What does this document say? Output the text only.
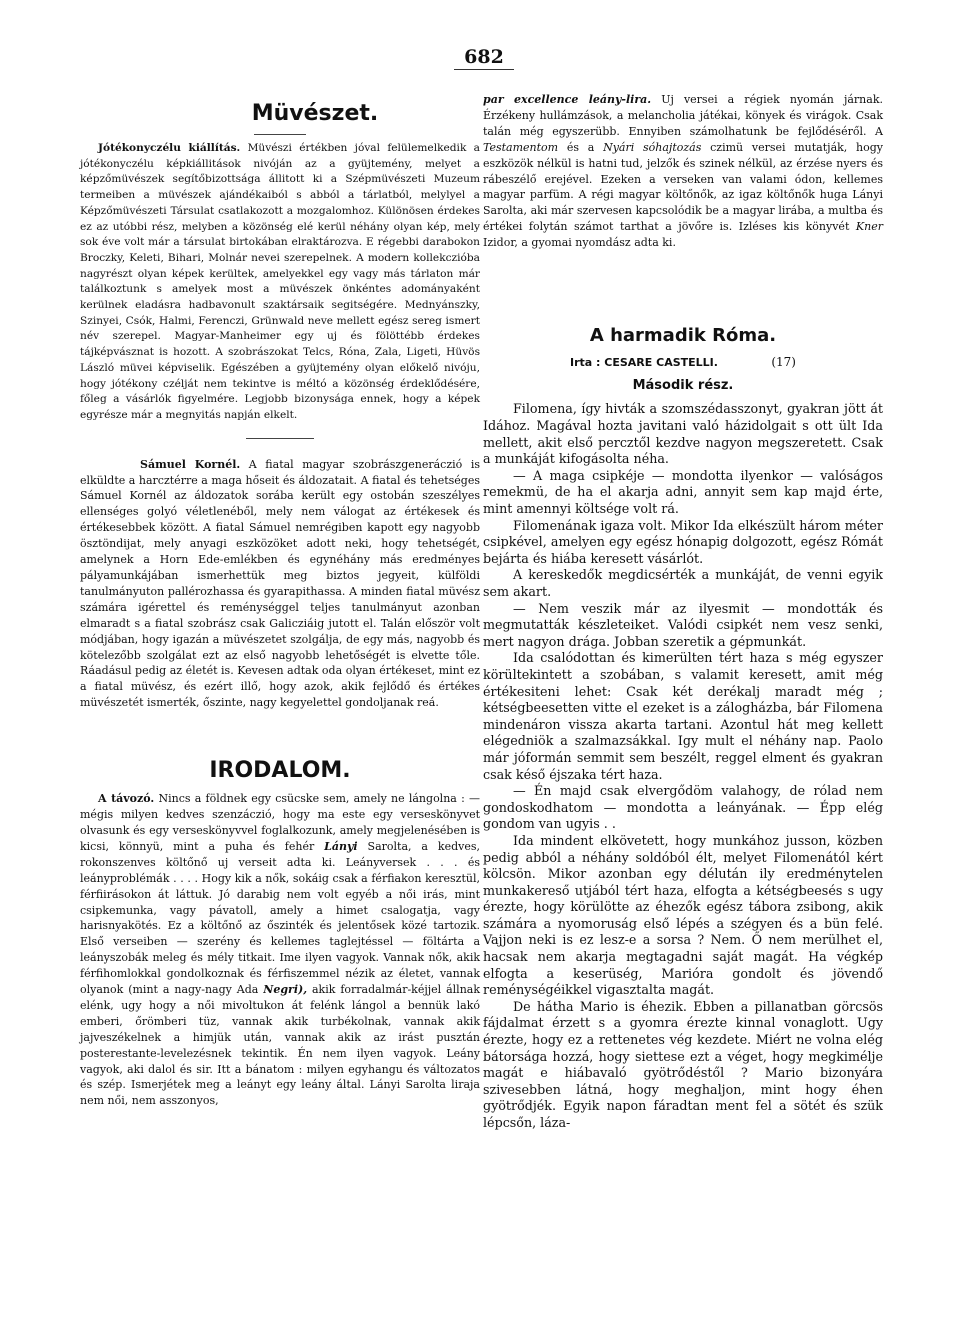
682
Müvészet.

Jótékonyczélu kiállítás. Müvészi értékben jóval felülemelkedik a jótékonyczélu képkiállitások nivóján az a gyüjtemény, melyet a képzőmüvészek segítőbizottsága állitott ki a Szépmüvészeti Muzeum termeiben a müvészek ajándékaiból s abból a tárlatból, melylyel a Képzőmüvészeti Társulat csatlakozott a mozgalomhoz. Különösen érdekes ez az utóbbi rész, melyben a közönség elé kerül néhány olyan kép, mely sok éve volt már a társulat birtokában elraktározva. E régebbi darabokon Broczky, Keleti, Bihari, Molnár nevei szerepelnek. A modern kollekczióba nagyrészt olyan képek kerültek, amelyekkel egy vagy más tárlaton már találkoztunk s amelyek most a müvészek önkéntes adományaként kerülnek eladásra hadbavonult szaktársaik segitségére. Mednyánszky, Szinyei, Csók, Halmi, Ferenczi, Grünwald neve mellett egész sereg ismert név szerepel. Magyar-Manheimer egy uj és fölöttébb érdekes tájképvásznat is hozott. A szobrászokat Telcs, Róna, Zala, Ligeti, Hüvös László müvei képviselik. Egészében a gyüjtemény olyan előkelő nivóju, hogy jótékony czélját nem tekintve is méltó a közönség érdeklődésére, főleg a vásárlók figyelmére. Legjobb bizonysága ennek, hogy a képek egyrésze már a megnyitás napján elkelt.

Sámuel Kornél. A fiatal magyar szobrászgeneráczió is elküldte a harcztérre a maga hőseit és áldozatait. A fiatal és tehetséges Sámuel Kornél az áldozatok sorába került egy ostobán szeszélyes ellenséges golyó véletlenéből, mely nem válogat az értékesek és értékesebbek között. A fiatal Sámuel nemrégiben kapott egy nagyobb ösztöndijat, mely anyagi eszközöket adott neki, hogy tehetségét, amelynek a Horn Ede-emlékben és egynéhány más eredményes pályamunkájában ismerhettük meg biztos jegyeit, külföldi tanulmányuton pallérozhassa és gyarapithassa. A minden fiatal müvész számára igérettel és reménységgel teljes tanulmányut azonban elmaradt s a fiatal szobrász csak Galicziáig jutott el. Talán először volt módjában, hogy igazán a müvészetet szolgálja, de egy más, nagyobb és kötelezőbb szolgálat ezt az első nagyobb lehetőségét is elvette tőle. Ráadásul pedig az életét is. Kevesen adtak oda olyan értékeset, mint ez a fiatal müvész, és ezért illő, hogy azok, akik fejlődő és értékes müvészetét ismerték, őszinte, nagy kegyelettel gondoljanak reá.

IRODALOM.

A távozó. Nincs a földnek egy csücske sem, amely ne lángolna : — mégis milyen kedves szenzáczió, hogy ma este egy verseskönyvet olvasunk és egy verseskönyvvel foglalkozunk, amely megjelenésében is kicsi, könnyü, mint a puha és fehér Lányi Sarolta, a kedves, rokonszenves költőnő uj verseit adta ki. Leányversek . . . és leányproblémák . . . . Hogy kik a nők, sokáig csak a férfiakon keresztül, férfiirásokon át láttuk. Jó darabig nem volt egyéb a női irás, mint csipkemunka, vagy pávatoll, amely a himet csalogatja, vagy harisnyakötés. Ez a költőnő az őszinték és jelentősek közé tartozik. Első verseiben — szerény és kellemes taglejtéssel — föltárta a leányszobák meleg és mély titkait. Ime ilyen vagyok. Vannak nők, akik férfihomlokkal gondolkoznak és férfiszemmel nézik az életet, vannak olyanok (mint a nagy-nagy Ada Negri), akik forradalmár-kéjjel állnak elénk, ugy hogy a női mivoltukon át felénk lángol a bennük lakó emberi, őrömberi tüz, vannak akik turbékolnak, vannak akik jajveszékelnek a himjük után, vannak akik az irást pusztán posterestante-levelezésnek tekintik. Én nem ilyen vagyok. Leány vagyok, aki dalol és sir. Itt a bánatom : milyen egyhangu és változatos és szép. Ismerjétek meg a leányt egy leány által. Lányi Sarolta liraja nem női, nem asszonyos,

par excellence leány-lira. Uj versei a régiek nyomán járnak. Érzékeny hullámzások, a melancholia játékai, könyek és virágok. Csak talán még egyszerübb. Ennyiben számolhatunk be fejlődéséről. A Testamentom és a Nyári sóhajtozás czimü versei mutatják, hogy eszközök nélkül is hatni tud, jelzők és szinek nélkül, az érzése nyers és rábeszélő erejével. Ezeken a verseken van valami ódon, kellemes magyar parfüm. A régi magyar költőnők, az igaz költőnők huga Lányi Sarolta, aki már szervesen kapcsolódik be a magyar lirába, a multba és értékei folytán számot tarthat a jövőre is. Izléses kis könyvét Kner Izidor, a gyomai nyomdász adta ki.

A harmadik Róma.

Irta : CESARE CASTELLI.	(17)

Második rész.

Filomena, így hivták a szomszédasszonyt, gyakran jött át Idához. Magával hozta javitani való házidolgait s ott ült Ida mellett, akit első percztől kezdve nagyon megszeretett. Csak a munkáját kifogásolta néha.

— A maga csipkéje — mondotta ilyenkor — valóságos remekmü, de ha el akarja adni, annyit sem kap majd érte, mint amennyi költsége volt rá.

Filomenának igaza volt. Mikor Ida elkészült három méter csipkével, amelyen egy egész hónapig dolgozott, egész Rómát bejárta és hiába keresett vásárlót.

A kereskedők megdicsérték a munkáját, de venni egyik sem akart.

— Nem veszik már az ilyesmit — mondották és megmutatták készleteiket. Valódi csipkét nem vesz senki, mert nagyon drága. Jobban szeretik a gépmunkát.

Ida csalódottan és kimerülten tért haza s még egyszer körültekintett a szobában, s valamit keresett, amit még értékesiteni lehet: Csak két derékalj maradt még ; kétségbeesetten vitte el ezeket is a zálogházba, bár Filomena mindenáron vissza akarta tartani. Azontul hát meg kellett elégedniök a szalmazsákkal. Igy mult el néhány nap. Paolo már jóformán semmit sem beszélt, reggel elment és gyakran csak késő éjszaka tért haza.

— Én majd csak elvergődöm valahogy, de rólad nem gondoskodhatom — mondotta a leányának. — Épp elég gondom van ugyis . .

Ida mindent elkövetett, hogy munkához jusson, közben pedig abból a néhány soldóból élt, melyet Filomenától kért kölcsön. Mikor azonban egy délután ily eredménytelen munkakereső utjából tért haza, elfogta a kétségbeesés s ugy érezte, hogy körülötte az éhezők egész tábora zsibong, akik számára a nyomoruság első lépés a szégyen és a bün felé. Vajjon neki is ez lesz-e a sorsa ? Nem. Ő nem merülhet el, hacsak nem akarja megtagadni saját magát. Ha végkép elfogta a keserüség, Marióra gondolt és jövendő reménységéikkel vigasztalta magát.

De hátha Mario is éhezik. Ebben a pillanatban görcsös fájdalmat érzett s a gyomra érezte kinnal vonaglott. Ugy érezte, hogy ez a rettenetes vég kezdete. Miért ne volna elég bátorsága hozzá, hogy siettese ezt a véget, hogy megkimélje magát e hiábavaló gyötrődéstől ? Mario bizonyára szivesebben látná, hogy meghaljon, mint hogy éhen gyötrődjék. Egyik napon fáradtan ment fel a sötét és szük lépcsőn, láza-
